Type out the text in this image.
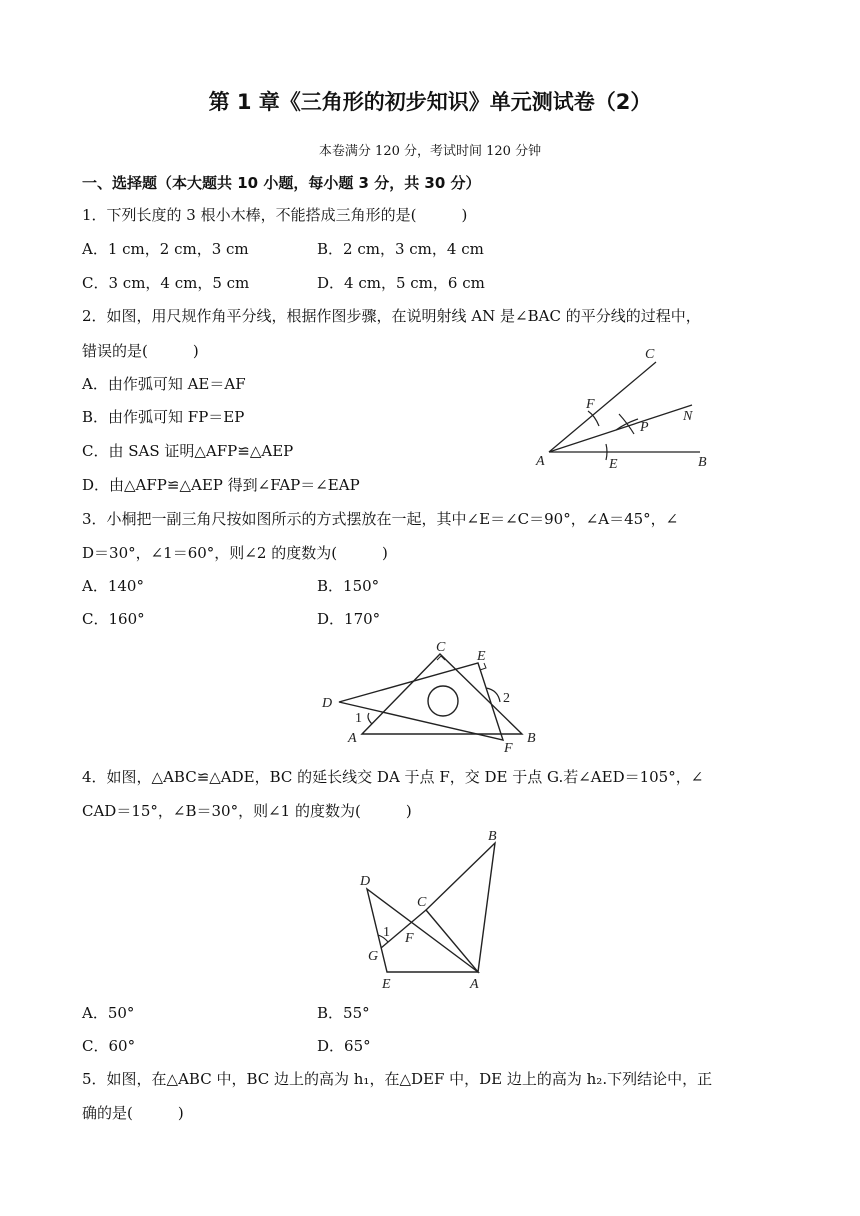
第 1 章《三角形的初步知识》单元测试卷（2）
本卷满分 120 分，考试时间 120 分钟
一、选择题（本大题共 10 小题，每小题 3 分，共 30 分）
1．下列长度的 3 根小木棒，不能搭成三角形的是(　　　)
A．1 cm，2 cm，3 cm	B．2 cm，3 cm，4 cm
C．3 cm，4 cm，5 cm	D．4 cm，5 cm，6 cm
2．如图，用尺规作角平分线，根据作图步骤，在说明射线 AN 是∠BAC 的平分线的过程中，
错误的是(　　　)
A．由作弧可知 AE＝AF
B．由作弧可知 FP＝EP
C．由 SAS 证明△AFP≌△AEP
D．由△AFP≌△AEP 得到∠FAP＝∠EAP
C
F
N
P
A	E	B
3．小桐把一副三角尺按如图所示的方式摆放在一起，其中∠E＝∠C＝90°，∠A＝45°，∠
D＝30°，∠1＝60°，则∠2 的度数为(　　　)
A．140°	B．150°
C．160°	D．170°
C
E
D
1
2
A	B
F
4．如图，△ABC≌△ADE，BC 的延长线交 DA 于点 F，交 DE 于点 G.若∠AED＝105°，∠
CAD＝15°，∠B＝30°，则∠1 的度数为(　　　)
B
D
C
1 F
G
E	A
A．50°	B．55°
C．60°	D．65°
5．如图，在△ABC 中，BC 边上的高为 h₁，在△DEF 中，DE 边上的高为 h₂.下列结论中，正
确的是(　　　)
